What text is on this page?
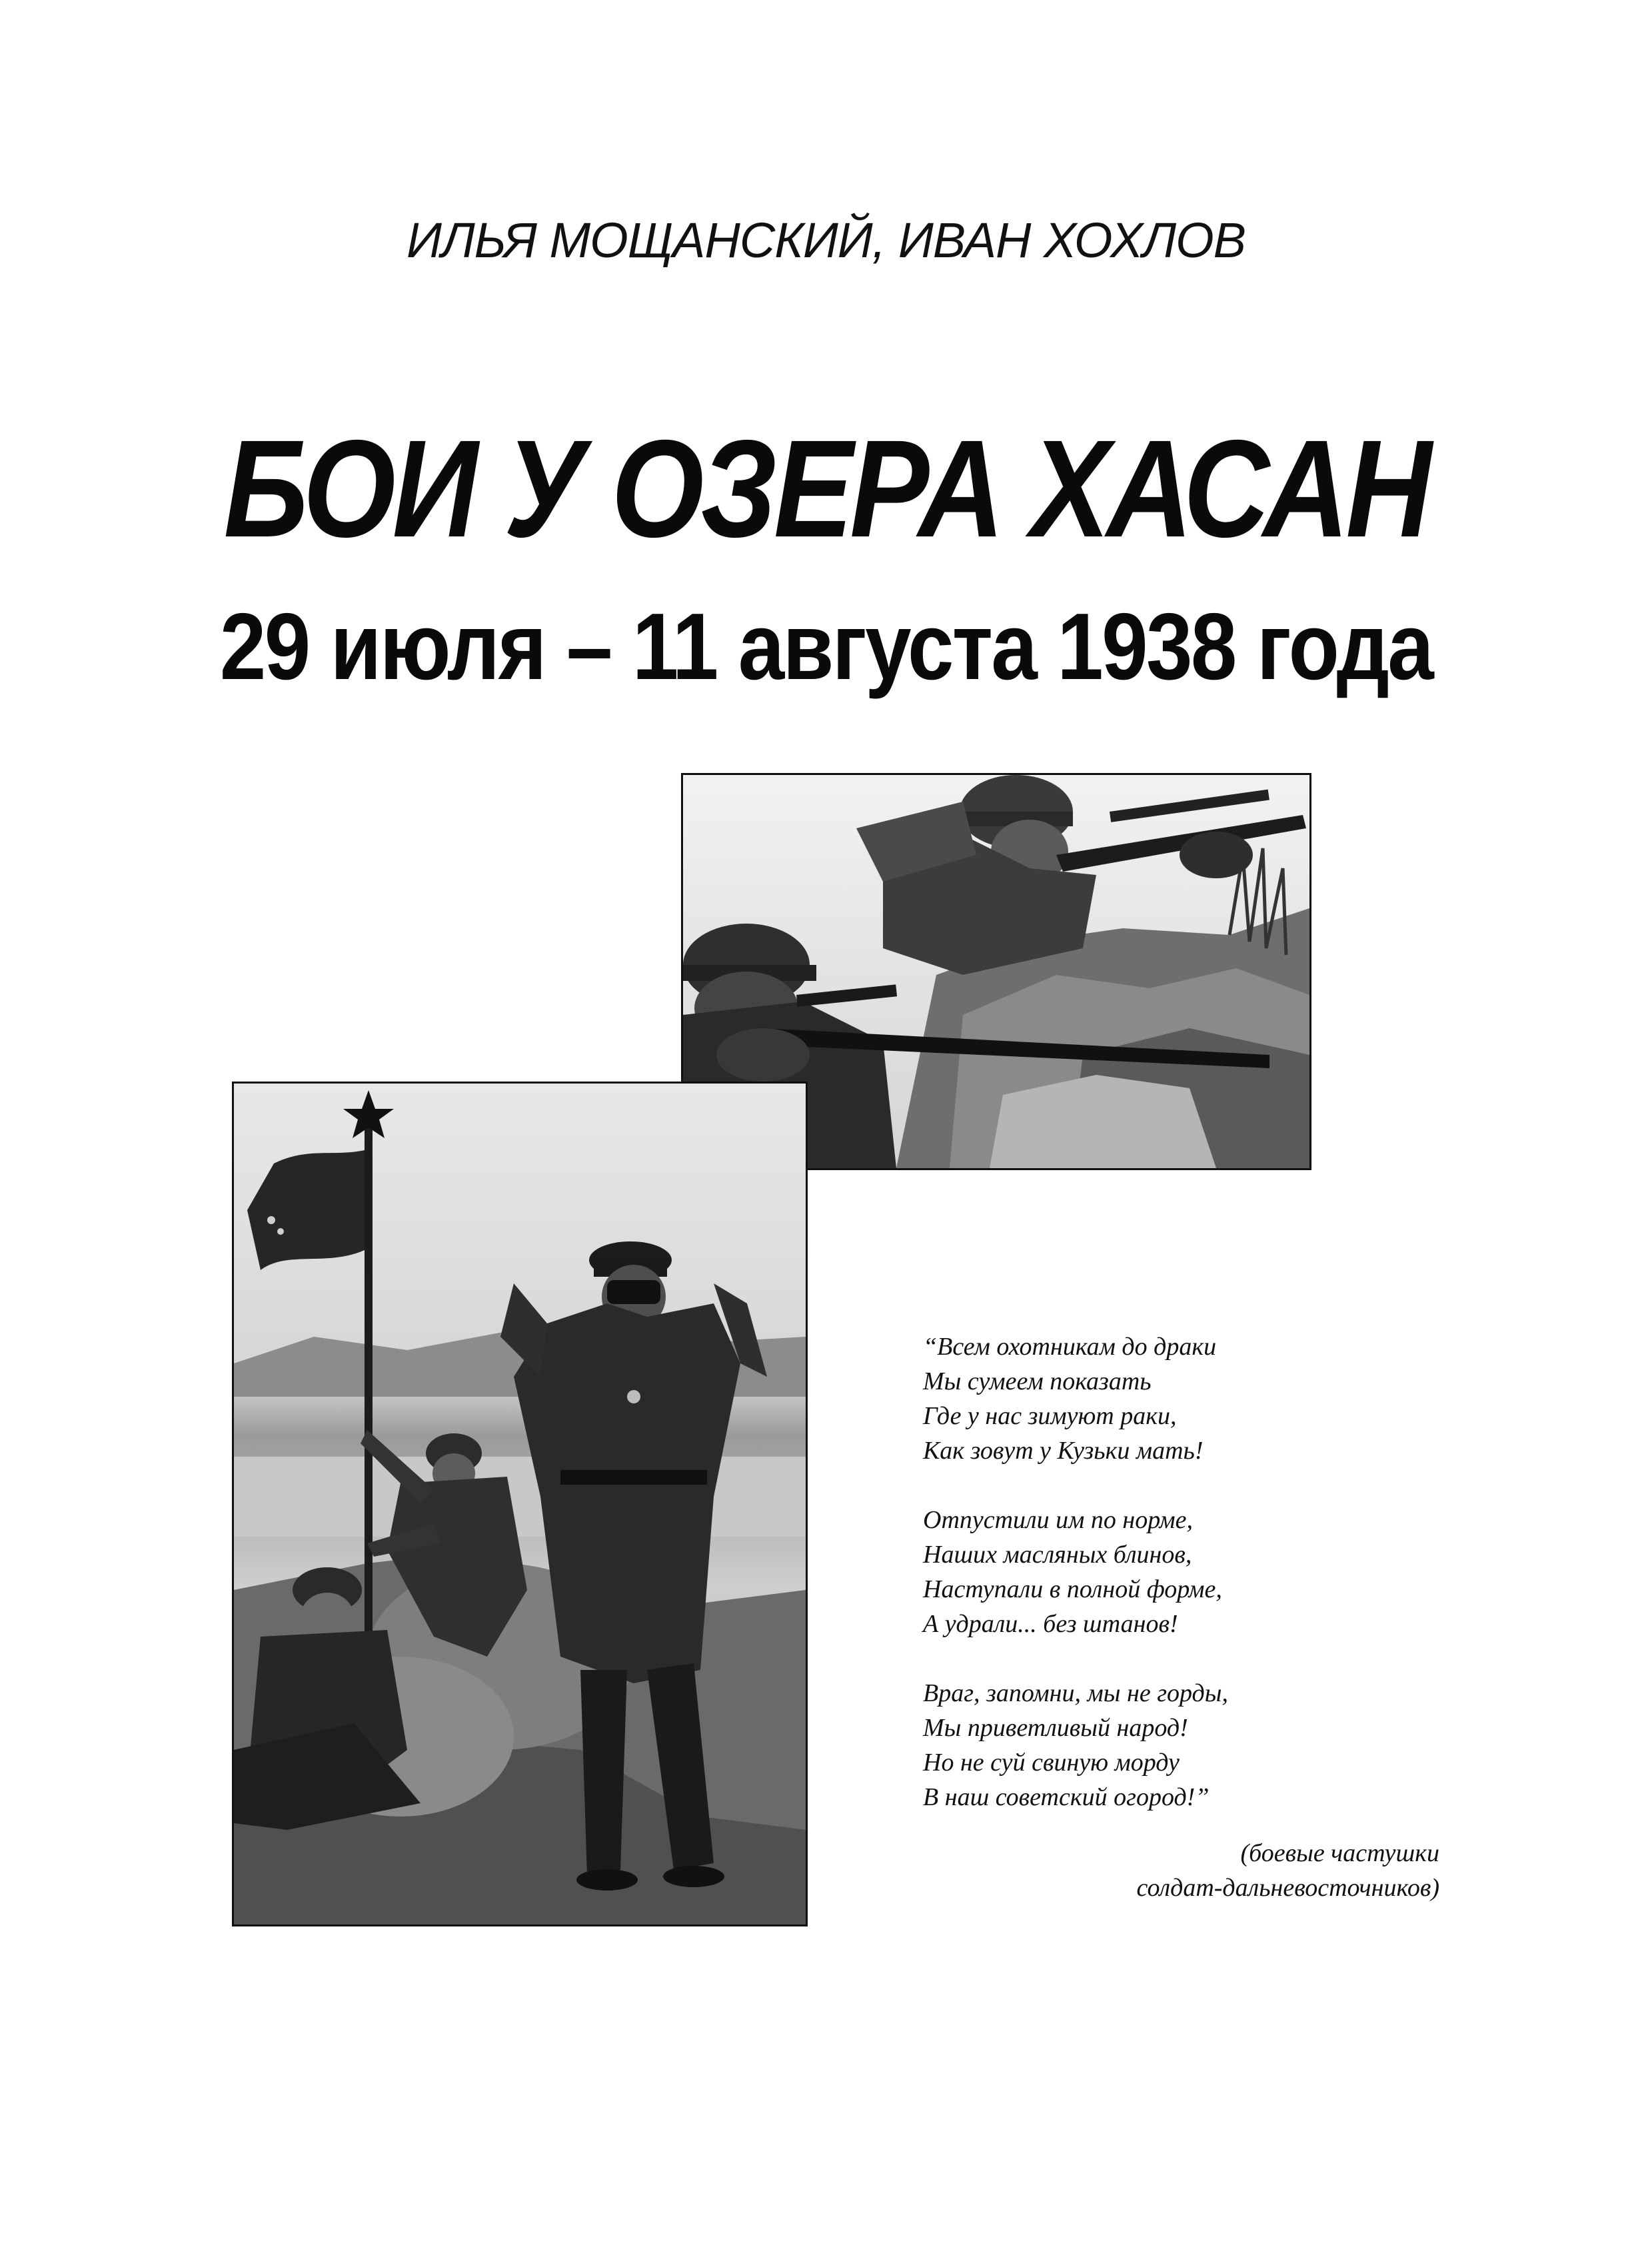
ИЛЬЯ МОЩАНСКИЙ, ИВАН ХОХЛОВ
БОИ У ОЗЕРА ХАСАН
29 июля – 11 августа 1938 года
“Всем охотникам до драки
Мы сумеем показать
Где у нас зимуют раки,
Как зовут у Кузьки мать!
Отпустили им по норме,
Наших масляных блинов,
Наступали в полной форме,
А удрали... без штанов!
Враг, запомни, мы не горды,
Мы приветливый народ!
Но не суй свиную морду
В наш советский огород!”
(боевые частушки
солдат-дальневосточников)
